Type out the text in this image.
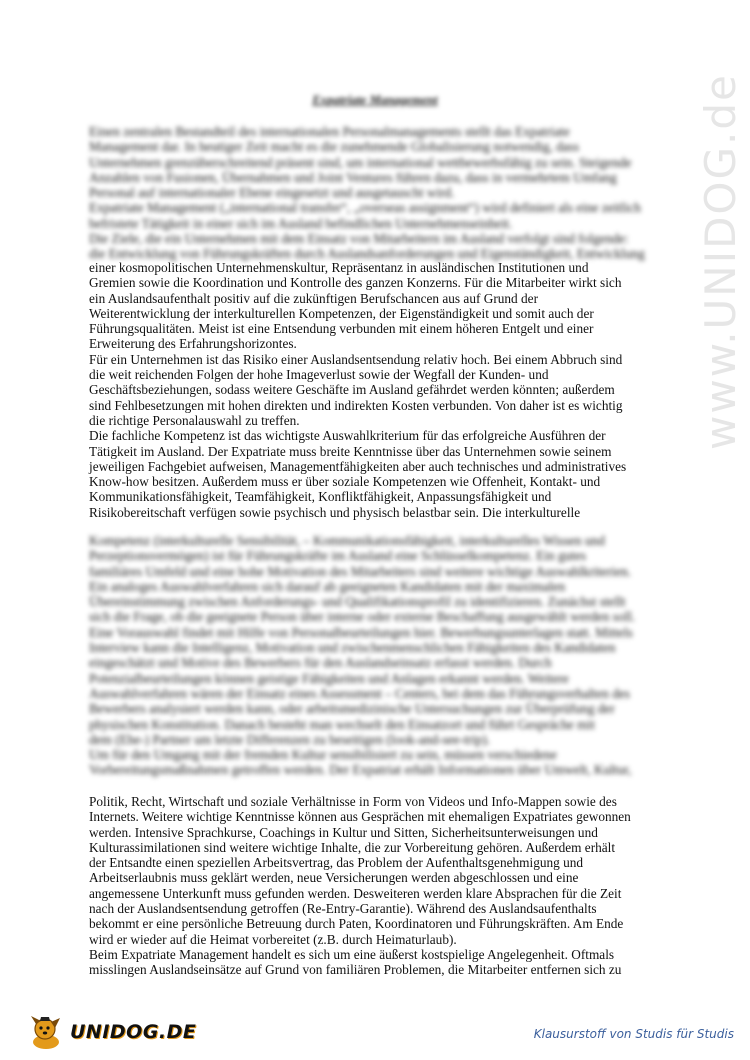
Expatriate Management
Einen zentralen Bestandteil des internationalen Personalmanagements stellt das Expatriate
Management dar. In heutiger Zeit macht es die zunehmende Globalisierung notwendig, dass
Unternehmen grenzüberschreitend präsent sind, um international wettbewerbsfähig zu sein. Steigende
Anzahlen von Fusionen, Übernahmen und Joint Ventures führen dazu, dass in vermehrtem Umfang
Personal auf internationaler Ebene eingesetzt und ausgetauscht wird.
Expatriate Management („international transfer“, „overseas assignment“) wird definiert als eine zeitlich
befristete Tätigkeit in einer sich im Ausland befindlichen Unternehmenseinheit.
Die Ziele, die ein Unternehmen mit dem Einsatz von Mitarbeitern im Ausland verfolgt sind folgende:
die Entwicklung von Führungskräften durch Auslandsanforderungen und Eigenständigkeit, Entwicklung
einer kosmopolitischen Unternehmenskultur, Repräsentanz in ausländischen Institutionen und
Gremien sowie die Koordination und Kontrolle des ganzen Konzerns. Für die Mitarbeiter wirkt sich
ein Auslandsaufenthalt positiv auf die zukünftigen Berufschancen aus auf Grund der
Weiterentwicklung der interkulturellen Kompetenzen, der Eigenständigkeit und somit auch der
Führungsqualitäten. Meist ist eine Entsendung verbunden mit einem höheren Entgelt und einer
Erweiterung des Erfahrungshorizontes.
Für ein Unternehmen ist das Risiko einer Auslandsentsendung relativ hoch. Bei einem Abbruch sind
die weit reichenden Folgen der hohe Imageverlust sowie der Wegfall der Kunden- und
Geschäftsbeziehungen, sodass weitere Geschäfte im Ausland gefährdet werden könnten; außerdem
sind Fehlbesetzungen mit hohen direkten und indirekten Kosten verbunden. Von daher ist es wichtig
die richtige Personalauswahl zu treffen.
Die fachliche Kompetenz ist das wichtigste Auswahlkriterium für das erfolgreiche Ausführen der
Tätigkeit im Ausland. Der Expatriate muss breite Kenntnisse über das Unternehmen sowie seinem
jeweiligen Fachgebiet aufweisen, Managementfähigkeiten aber auch technisches und administratives
Know-how besitzen. Außerdem muss er über soziale Kompetenzen wie Offenheit, Kontakt- und
Kommunikationsfähigkeit, Teamfähigkeit, Konfliktfähigkeit, Anpassungsfähigkeit und
Risikobereitschaft verfügen sowie psychisch und physisch belastbar sein. Die interkulturelle
Kompetenz (interkulturelle Sensibilität, – Kommunikationsfähigkeit, interkulturelles Wissen und
Perzeptionsvermögen) ist für Führungskräfte im Ausland eine Schlüsselkompetenz. Ein gutes
familiäres Umfeld und eine hohe Motivation des Mitarbeiters sind weitere wichtige Auswahlkriterien.
Ein analoges Auswahlverfahren sich darauf ab geeigneten Kandidaten mit der maximalen
Übereinstimmung zwischen Anforderungs- und Qualifikationsprofil zu identifizieren. Zunächst stellt
sich die Frage, ob die geeignete Person über interne oder externe Beschaffung ausgewählt werden soll.
Eine Vorauswahl findet mit Hilfe von Personalbeurteilungen hier. Bewerbungsunterlagen statt. Mittels
Interview kann die Intelligenz, Motivation und zwischenmenschlichen Fähigkeiten des Kandidaten
eingeschätzt und Motive des Bewerbers für den Auslandseinsatz erfasst werden. Durch
Potenzialbeurteilungen können geistige Fähigkeiten und Anlagen erkannt werden. Weitere
Auswahlverfahren wären der Einsatz eines Assessment – Centers, bei dem das Führungsverhalten des
Bewerbers analysiert werden kann, oder arbeitsmedizinische Untersuchungen zur Überprüfung der
physischen Konstitution. Danach besteht man wechselt den Einsatzort und führt Gespräche mit
dem (Ehe-) Partner um letzte Differenzen zu beseitigen (look-and-see-trip).
Um für den Umgang mit der fremden Kultur sensibilisiert zu sein, müssen verschiedene
Vorbereitungsmaßnahmen getroffen werden. Der Expatriat erhält Informationen über Umwelt, Kultur,
Politik, Recht, Wirtschaft und soziale Verhältnisse in Form von Videos und Info-Mappen sowie des
Internets. Weitere wichtige Kenntnisse können aus Gesprächen mit ehemaligen Expatriates gewonnen
werden. Intensive Sprachkurse, Coachings in Kultur und Sitten, Sicherheitsunterweisungen und
Kulturassimilationen sind weitere wichtige Inhalte, die zur Vorbereitung gehören. Außerdem erhält
der Entsandte einen speziellen Arbeitsvertrag, das Problem der Aufenthaltsgenehmigung und
Arbeitserlaubnis muss geklärt werden, neue Versicherungen werden abgeschlossen und eine
angemessene Unterkunft muss gefunden werden. Desweiteren werden klare Absprachen für die Zeit
nach der Auslandsentsendung getroffen (Re-Entry-Garantie). Während des Auslandsaufenthalts
bekommt er eine persönliche Betreuung durch Paten, Koordinatoren und Führungskräften. Am Ende
wird er wieder auf die Heimat vorbereitet (z.B. durch Heimaturlaub).
Beim Expatriate Management handelt es sich um eine äußerst kostspielige Angelegenheit. Oftmals
misslingen Auslandseinsätze auf Grund von familiären Problemen, die Mitarbeiter entfernen sich zu
www.UNIDOG.de
UNIDOG.DE	Klausurstoff von Studis für Studis
